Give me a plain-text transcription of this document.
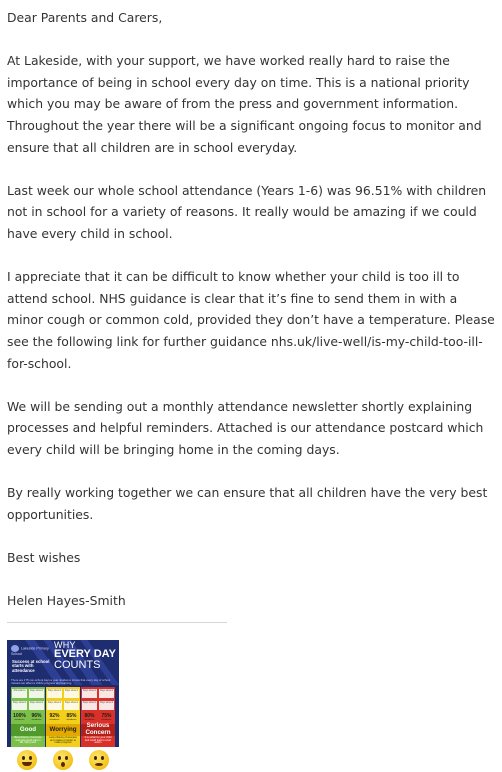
Dear Parents and Carers,

At Lakeside, with your support, we have worked really hard to raise the importance of being in school every day on time. This is a national priority which you may be aware of from the press and government information. Throughout the year there will be a significant ongoing focus to monitor and ensure that all children are in school everyday.

Last week our whole school attendance (Years 1-6) was 96.51% with children not in school for a variety of reasons. It really would be amazing if we could have every child in school.

I appreciate that it can be difficult to know whether your child is too ill to attend school. NHS guidance is clear that it’s fine to send them in with a minor cough or common cold, provided they don’t have a temperature. Please see the following link for further guidance nhs.uk/live-well/is-my-child-too-ill-for-school.

We will be sending out a monthly attendance newsletter shortly explaining processes and helpful reminders. Attached is our attendance postcard which every child will be bringing home in the coming days.

By really working together we can ensure that all children have the very best opportunities.

Best wishes

Helen Hayes-Smith

Lakeside Primary School
WHY
EVERY DAY
COUNTS
Success at school starts with attendance
There are 175 non-school days a year. Evidence shows that every day of school missed can affect a child's progress and learning.
Attendance	Days absent
Days absent	Days absent
100%
attendance
96%
attendance
Good
Best chance of success and gets good start in life, flying start
Days absent	Days absent
Days absent	Days absent
92%
attendance
85%
attendance
Worrying
Less chance of success and makes it harder to make progress
Days absent	Days absent
Days absent	Days absent
80%
attendance
75%
attendance
Serious Concern
It is unfair for your child and could lead to court action
